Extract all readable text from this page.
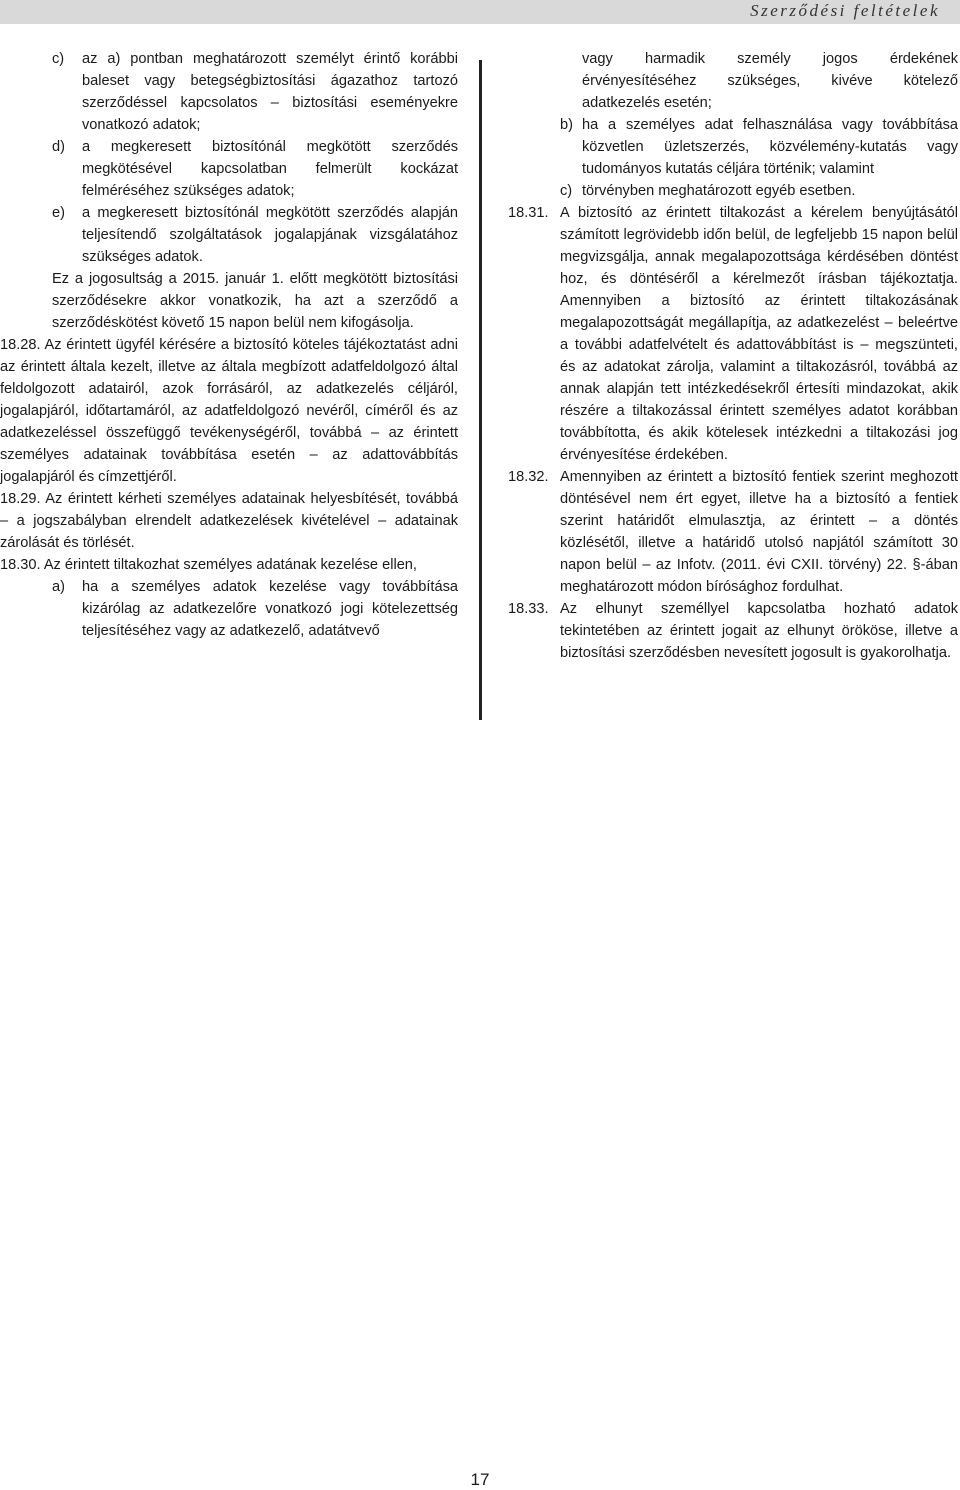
Szerződési feltételek

c) az a) pontban meghatározott személyt érintő korábbi baleset vagy betegségbiztosítási ágazathoz tartozó szerződéssel kapcsolatos – biztosítási eseményekre vonatkozó adatok;

d) a megkeresett biztosítónál megkötött szerződés megkötésével kapcsolatban felmerült kockázat felméréséhez szükséges adatok;

e) a megkeresett biztosítónál megkötött szerződés alapján teljesítendő szolgáltatások jogalapjának vizsgálatához szükséges adatok.

Ez a jogosultság a 2015. január 1. előtt megkötött biztosítási szerződésekre akkor vonatkozik, ha azt a szerződő a szerződéskötést követő 15 napon belül nem kifogásolja.

18.28. Az érintett ügyfél kérésére a biztosító köteles tájékoztatást adni az érintett általa kezelt, illetve az általa megbízott adatfeldolgozó által feldolgozott adatairól, azok forrásáról, az adatkezelés céljáról, jogalapjáról, időtartamáról, az adatfeldolgozó nevéről, címéről és az adatkezeléssel összefüggő tevékenységéről, továbbá – az érintett személyes adatainak továbbítása esetén – az adattovábbítás jogalapjáról és címzettjéről.

18.29. Az érintett kérheti személyes adatainak helyesbítését, továbbá – a jogszabályban elrendelt adatkezelések kivételével – adatainak zárolását és törlését.

18.30. Az érintett tiltakozhat személyes adatának kezelése ellen,

a) ha a személyes adatok kezelése vagy továbbítása kizárólag az adatkezelőre vonatkozó jogi kötelezettség teljesítéséhez vagy az adatkezelő, adatátvevő

vagy harmadik személy jogos érdekének érvényesítéséhez szükséges, kivéve kötelező adatkezelés esetén;

b) ha a személyes adat felhasználása vagy továbbítása közvetlen üzletszerzés, közvélemény-kutatás vagy tudományos kutatás céljára történik; valamint

c) törvényben meghatározott egyéb esetben.

18.31. A biztosító az érintett tiltakozást a kérelem benyújtásától számított legrövidebb időn belül, de legfeljebb 15 napon belül megvizsgálja, annak megalapozottsága kérdésében döntést hoz, és döntéséről a kérelmezőt írásban tájékoztatja. Amennyiben a biztosító az érintett tiltakozásának megalapozottságát megállapítja, az adatkezelést – beleértve a további adatfelvételt és adattovábbítást is – megszünteti, és az adatokat zárolja, valamint a tiltakozásról, továbbá az annak alapján tett intézkedésekről értesíti mindazokat, akik részére a tiltakozással érintett személyes adatot korábban továbbította, és akik kötelesek intézkedni a tiltakozási jog érvényesítése érdekében.

18.32. Amennyiben az érintett a biztosító fentiek szerint meghozott döntésével nem ért egyet, illetve ha a biztosító a fentiek szerint határidőt elmulasztja, az érintett – a döntés közlésétől, illetve a határidő utolsó napjától számított 30 napon belül – az Infotv. (2011. évi CXII. törvény) 22. §-ában meghatározott módon bírósághoz fordulhat.

18.33. Az elhunyt személlyel kapcsolatba hozható adatok tekintetében az érintett jogait az elhunyt örököse, illetve a biztosítási szerződésben nevesített jogosult is gyakorolhatja.

17
